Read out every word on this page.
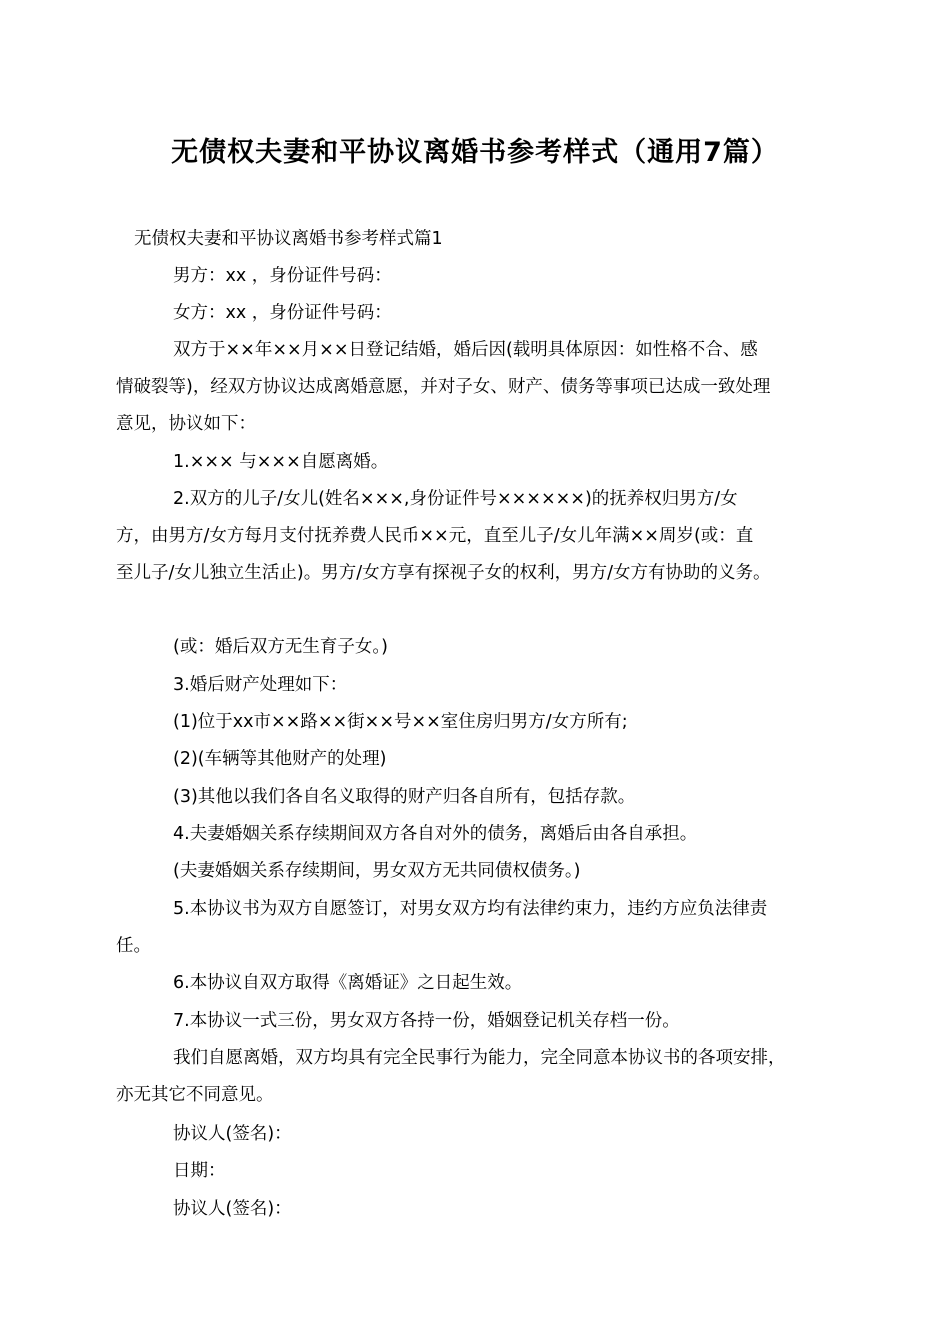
无债权夫妻和平协议离婚书参考样式（通用7篇）
无债权夫妻和平协议离婚书参考样式篇1
男方：xx ，身份证件号码：
女方：xx ，身份证件号码：
双方于××年××月××日登记结婚，婚后因(载明具体原因：如性格不合、感
情破裂等)，经双方协议达成离婚意愿，并对子女、财产、债务等事项已达成一致处理
意见，协议如下：
1.××× 与×××自愿离婚。
2.双方的儿子/女儿(姓名×××,身份证件号××××××)的抚养权归男方/女
方，由男方/女方每月支付抚养费人民币××元，直至儿子/女儿年满××周岁(或：直
至儿子/女儿独立生活止)。男方/女方享有探视子女的权利，男方/女方有协助的义务。
(或：婚后双方无生育子女。)
3.婚后财产处理如下：
(1)位于xx市××路××街××号××室住房归男方/女方所有;
(2)(车辆等其他财产的处理)
(3)其他以我们各自名义取得的财产归各自所有，包括存款。
4.夫妻婚姻关系存续期间双方各自对外的债务，离婚后由各自承担。
(夫妻婚姻关系存续期间，男女双方无共同债权债务。)
5.本协议书为双方自愿签订，对男女双方均有法律约束力，违约方应负法律责
任。
6.本协议自双方取得《离婚证》之日起生效。
7.本协议一式三份，男女双方各持一份，婚姻登记机关存档一份。
我们自愿离婚，双方均具有完全民事行为能力，完全同意本协议书的各项安排，
亦无其它不同意见。
协议人(签名)：
日期：
协议人(签名)：
